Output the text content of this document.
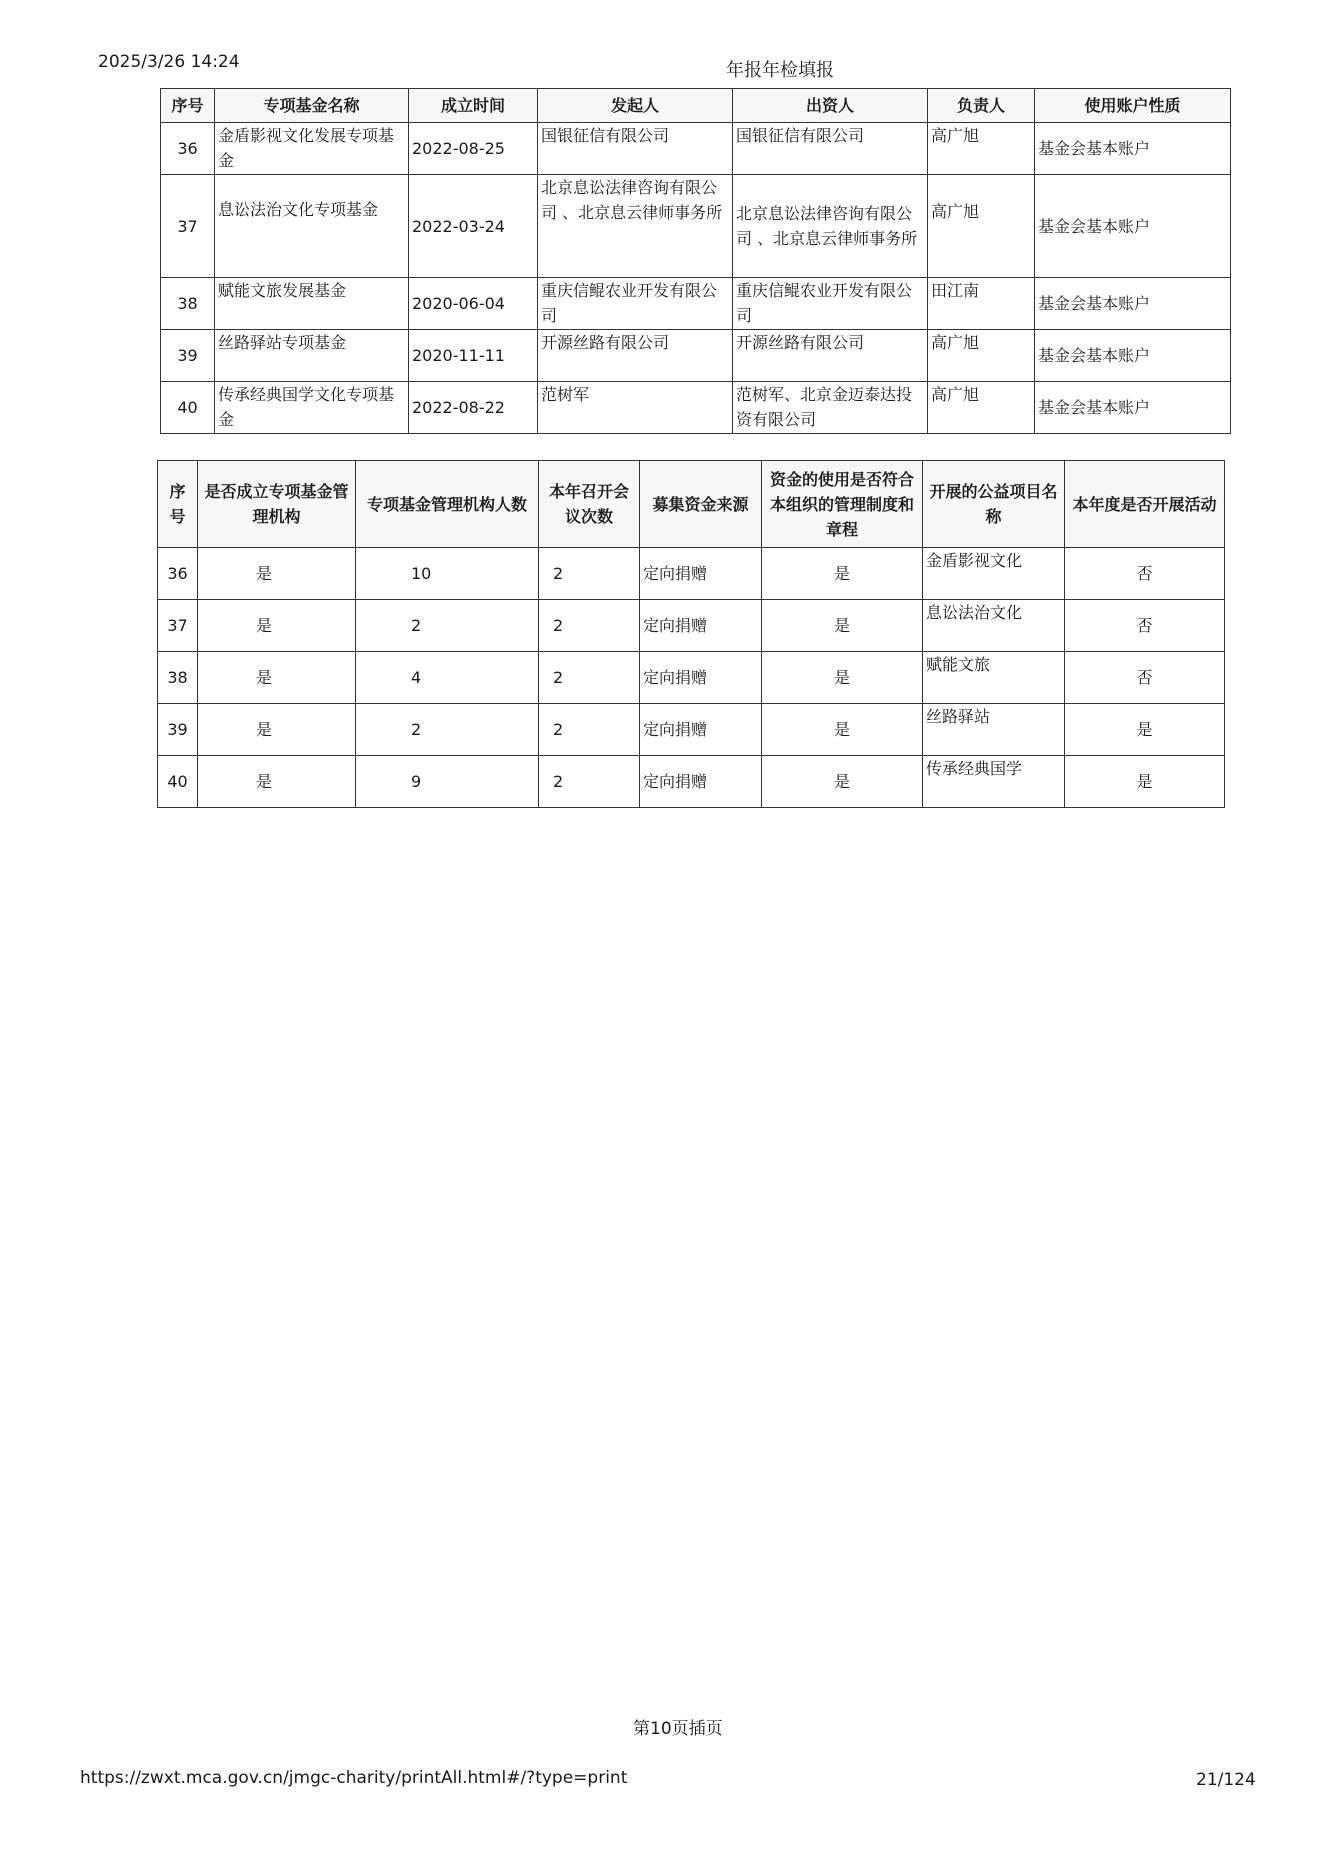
2025/3/26 14:24	年报年检填报
序号	专项基金名称	成立时间	发起人	出资人	负责人	使用账户性质
36	金盾影视文化发展专项基金	2022-08-25	国银征信有限公司	国银征信有限公司	高广旭	基金会基本账户
37	息讼法治文化专项基金	2022-03-24	北京息讼法律咨询有限公司 、北京息云律师事务所	北京息讼法律咨询有限公司 、北京息云律师事务所	高广旭	基金会基本账户
38	赋能文旅发展基金	2020-06-04	重庆信鲲农业开发有限公司	重庆信鲲农业开发有限公司	田江南	基金会基本账户
39	丝路驿站专项基金	2020-11-11	开源丝路有限公司	开源丝路有限公司	高广旭	基金会基本账户
40	传承经典国学文化专项基金	2022-08-22	范树军	范树军、北京金迈泰达投资有限公司	高广旭	基金会基本账户
序号	是否成立专项基金管理机构	专项基金管理机构人数	本年召开会议次数	募集资金来源	资金的使用是否符合本组织的管理制度和章程	开展的公益项目名称	本年度是否开展活动
36	是	10	2	定向捐赠	是	金盾影视文化	否
37	是	2	2	定向捐赠	是	息讼法治文化	否
38	是	4	2	定向捐赠	是	赋能文旅	否
39	是	2	2	定向捐赠	是	丝路驿站	是
40	是	9	2	定向捐赠	是	传承经典国学	是
第10页插页
https://zwxt.mca.gov.cn/jmgc-charity/printAll.html#/?type=print	21/124
